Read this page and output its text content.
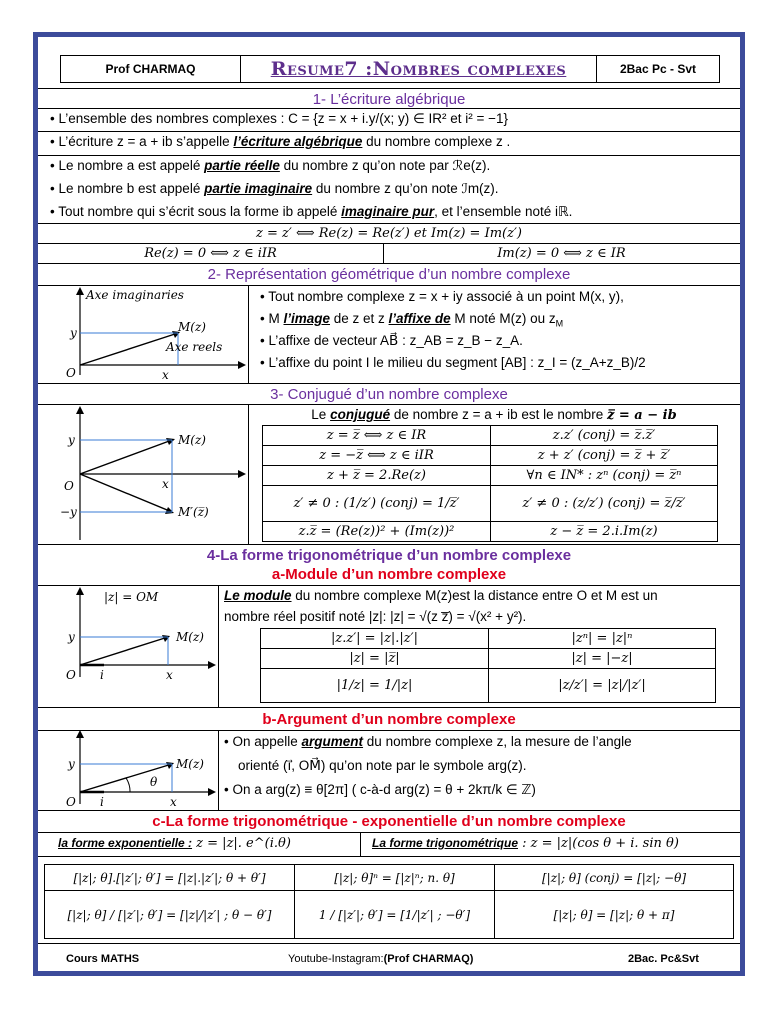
Prof CHARMAQ	Resume7 :Nombres complexes	2Bac Pc - Svt
1- L’écriture algébrique
• L’ensemble des nombres complexes : C = {z = x + i.y/(x; y) ∈ IR² et i² = −1}
• L’écriture z = a + ib s’appelle l’écriture algébrique du nombre complexe z .
• Le nombre a est appelé partie réelle du nombre z qu’on note par ℛe(z).
• Le nombre b est appelé partie imaginaire du nombre z qu’on note ℐm(z).
• Tout nombre qui s’écrit sous la forme ib appelé imaginaire pur, et l’ensemble noté iℝ.
z = z′ ⟺ Re(z) = Re(z′) et Im(z) = Im(z′)
Re(z) = 0 ⟺ z ∈ iIR	Im(z) = 0 ⟺ z ∈ IR
2- Représentation géométrique d’un nombre complexe
Axe imaginaries
Axe reels
M(z)
y
x
O
• Tout nombre complexe z = x + iy associé à un point M(x, y),
• M l’image de z et z l’affixe de M noté M(z) ou $z_M$
• L’affixe de vecteur AB⃗ : z_AB = z_B − z_A.
• L’affixe du point I le milieu du segment [AB] : z_I = (z_A+z_B)/2
3- Conjugué d’un nombre complexe
M(z)
M′(z̅)
y
−y
x
O
Le conjugué de nombre z = a + ib est le nombre z̅ = a − ib
z = z̅ ⟺ z ∈ IR	z.z′ (conj) = z̅.z̅′
z = −z̅ ⟺ z ∈ iIR	z + z′ (conj) = z̅ + z̅′
z + z̅ = 2.Re(z)	∀n ∈ IN* : zⁿ (conj) = z̅ⁿ
z′ ≠ 0 : (1/z′) (conj) = 1/z̅′	z′ ≠ 0 : (z/z′) (conj) = z̅/z̅′
z.z̅ = (Re(z))² + (Im(z))²	z − z̅ = 2.i.Im(z)
4-La forme trigonométrique d’un nombre complexe
a-Module d’un nombre complexe
|z| = OM
y
x
O i
M(z)
Le module du nombre complexe M(z)est la distance entre O et M est un
nombre réel positif noté |z|: |z| = √(z z̅) = √(x² + y²).
|z.z′| = |z|.|z′|	|zⁿ| = |z|ⁿ
|z| = |z̅|	|z| = |−z|
|1/z| = 1/|z|	|z/z′| = |z|/|z′|
b-Argument d’un nombre complexe
y
x
O i
θ
M(z)
• On appelle argument du nombre complexe z, la mesure de l’angle
orienté (i⃗, OM⃗) qu’on note par le symbole arg(z).
• On a arg(z) ≡ θ[2π] ( c-à-d arg(z) = θ + 2kπ/k ∈ ℤ)
c-La forme trigonométrique - exponentielle d’un nombre complexe
la forme exponentielle : z = |z|. e^(i.θ)	La forme trigonométrique : z = |z|(cos θ + i. sin θ)
[|z|; θ].[|z′|; θ′] = [|z|.|z′|; θ + θ′]	[|z|; θ]ⁿ = [|z|ⁿ; n. θ]	[|z|; θ] (conj) = [|z|; −θ]
[|z|; θ] / [|z′|; θ′] = [|z|/|z′| ; θ − θ′]	1 / [|z′|; θ′] = [1/|z′| ; −θ′]	[|z|; θ] = [|z|; θ + π]
Cours MATHS	Youtube-Instagram:(Prof CHARMAQ)	2Bac. Pc&Svt
